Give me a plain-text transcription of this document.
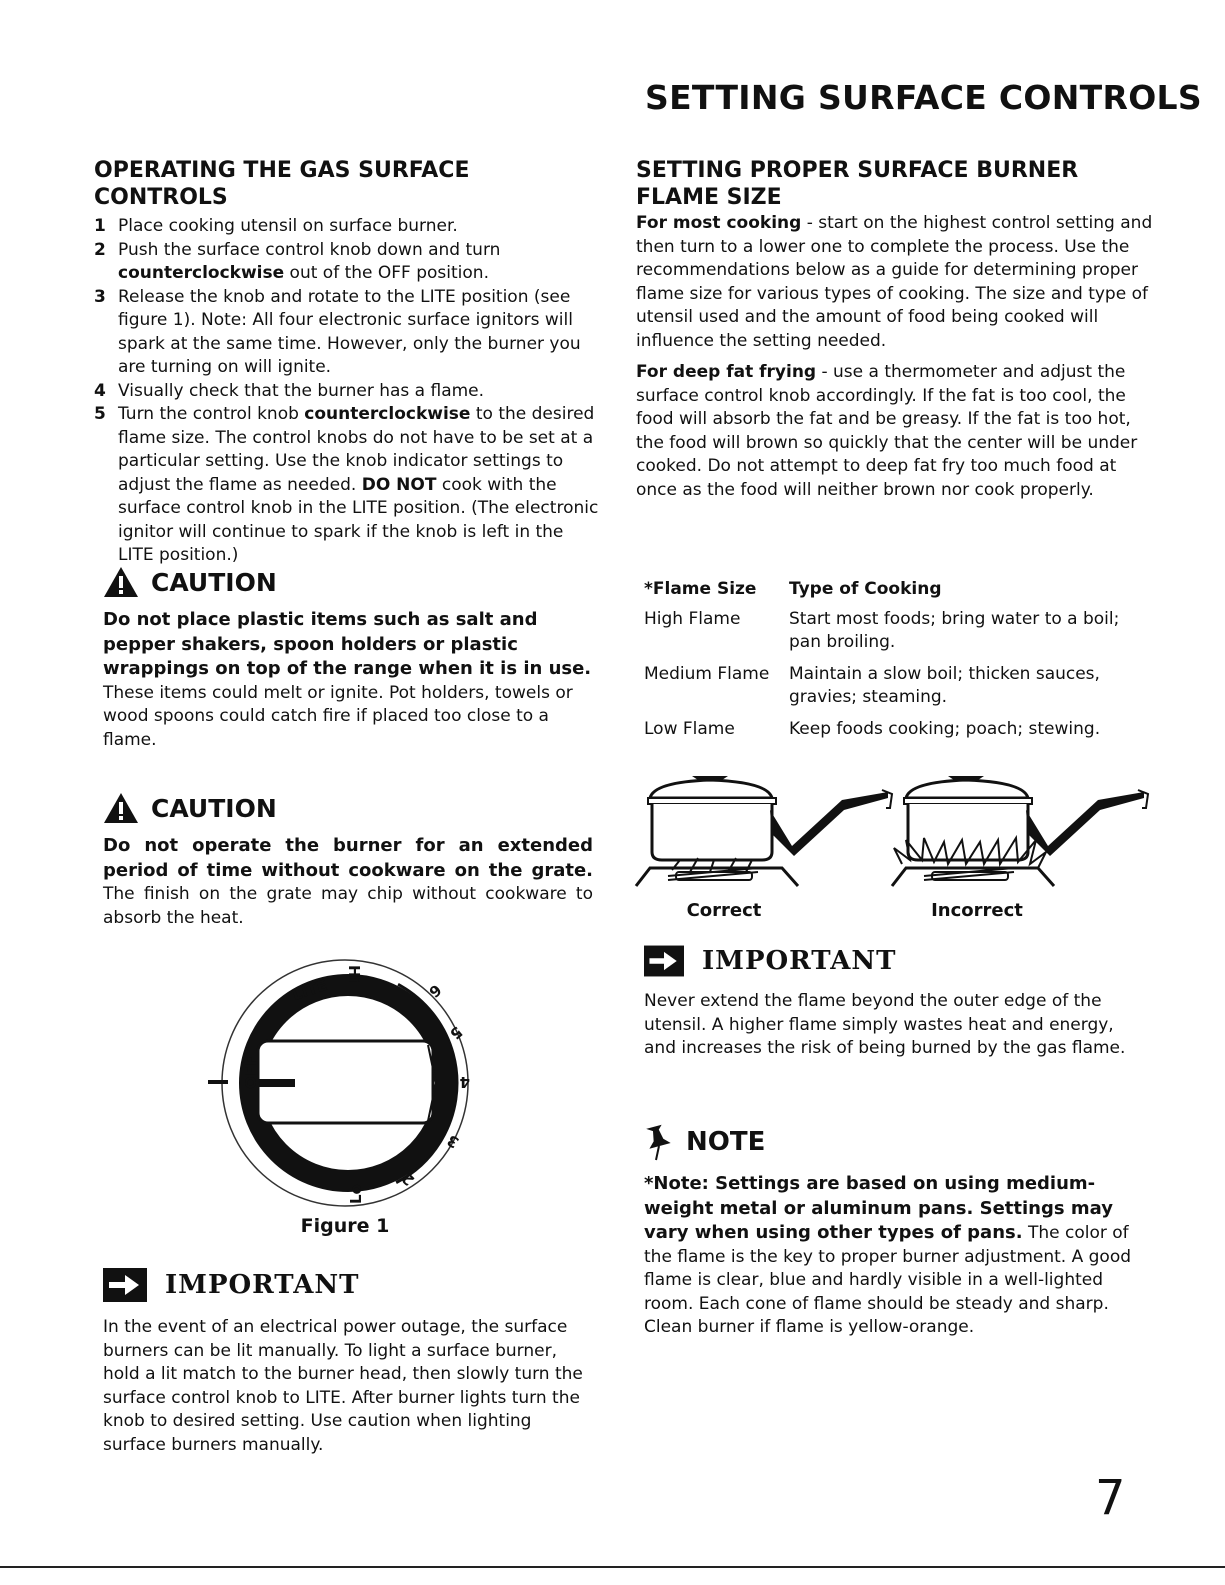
SETTING SURFACE CONTROLS
OPERATING THE GAS SURFACE CONTROLS
1 Place cooking utensil on surface burner.
2 Push the surface control knob down and turn counterclockwise out of the OFF position.
3 Release the knob and rotate to the LITE position (see figure 1). Note: All four electronic surface ignitors will spark at the same time. However, only the burner you are turning on will ignite.
4 Visually check that the burner has a flame.
5 Turn the control knob counterclockwise to the desired flame size. The control knobs do not have to be set at a particular setting. Use the knob indicator settings to adjust the flame as needed. DO NOT cook with the surface control knob in the LITE position. (The electronic ignitor will continue to spark if the knob is left in the LITE position.)
CAUTION
Do not place plastic items such as salt and pepper shakers, spoon holders or plastic wrappings on top of the range when it is in use. These items could melt or ignite. Pot holders, towels or wood spoons could catch fire if placed too close to a flame.
CAUTION
Do not operate the burner for an extended period of time without cookware on the grate. The finish on the grate may chip without cookware to absorb the heat.
LITE
Hi
6
5
4
3
2
Lo
OFF
Figure 1
IMPORTANT
In the event of an electrical power outage, the surface burners can be lit manually. To light a surface burner, hold a lit match to the burner head, then slowly turn the surface control knob to LITE. After burner lights turn the knob to desired setting. Use caution when lighting surface burners manually.
SETTING PROPER SURFACE BURNER FLAME SIZE
For most cooking - start on the highest control setting and then turn to a lower one to complete the process. Use the recommendations below as a guide for determining proper flame size for various types of cooking. The size and type of utensil used and the amount of food being cooked will influence the setting needed.
For deep fat frying - use a thermometer and adjust the surface control knob accordingly. If the fat is too cool, the food will absorb the fat and be greasy. If the fat is too hot, the food will brown so quickly that the center will be under cooked. Do not attempt to deep fat fry too much food at once as the food will neither brown nor cook properly.
*Flame Size	Type of Cooking
High Flame	Start most foods; bring water to a boil; pan broiling.
Medium Flame	Maintain a slow boil; thicken sauces, gravies; steaming.
Low Flame	Keep foods cooking; poach; stewing.
Correct	Incorrect
IMPORTANT
Never extend the flame beyond the outer edge of the utensil. A higher flame simply wastes heat and energy, and increases the risk of being burned by the gas flame.
NOTE
*Note: Settings are based on using medium-weight metal or aluminum pans. Settings may vary when using other types of pans. The color of the flame is the key to proper burner adjustment. A good flame is clear, blue and hardly visible in a well-lighted room. Each cone of flame should be steady and sharp. Clean burner if flame is yellow-orange.
7
